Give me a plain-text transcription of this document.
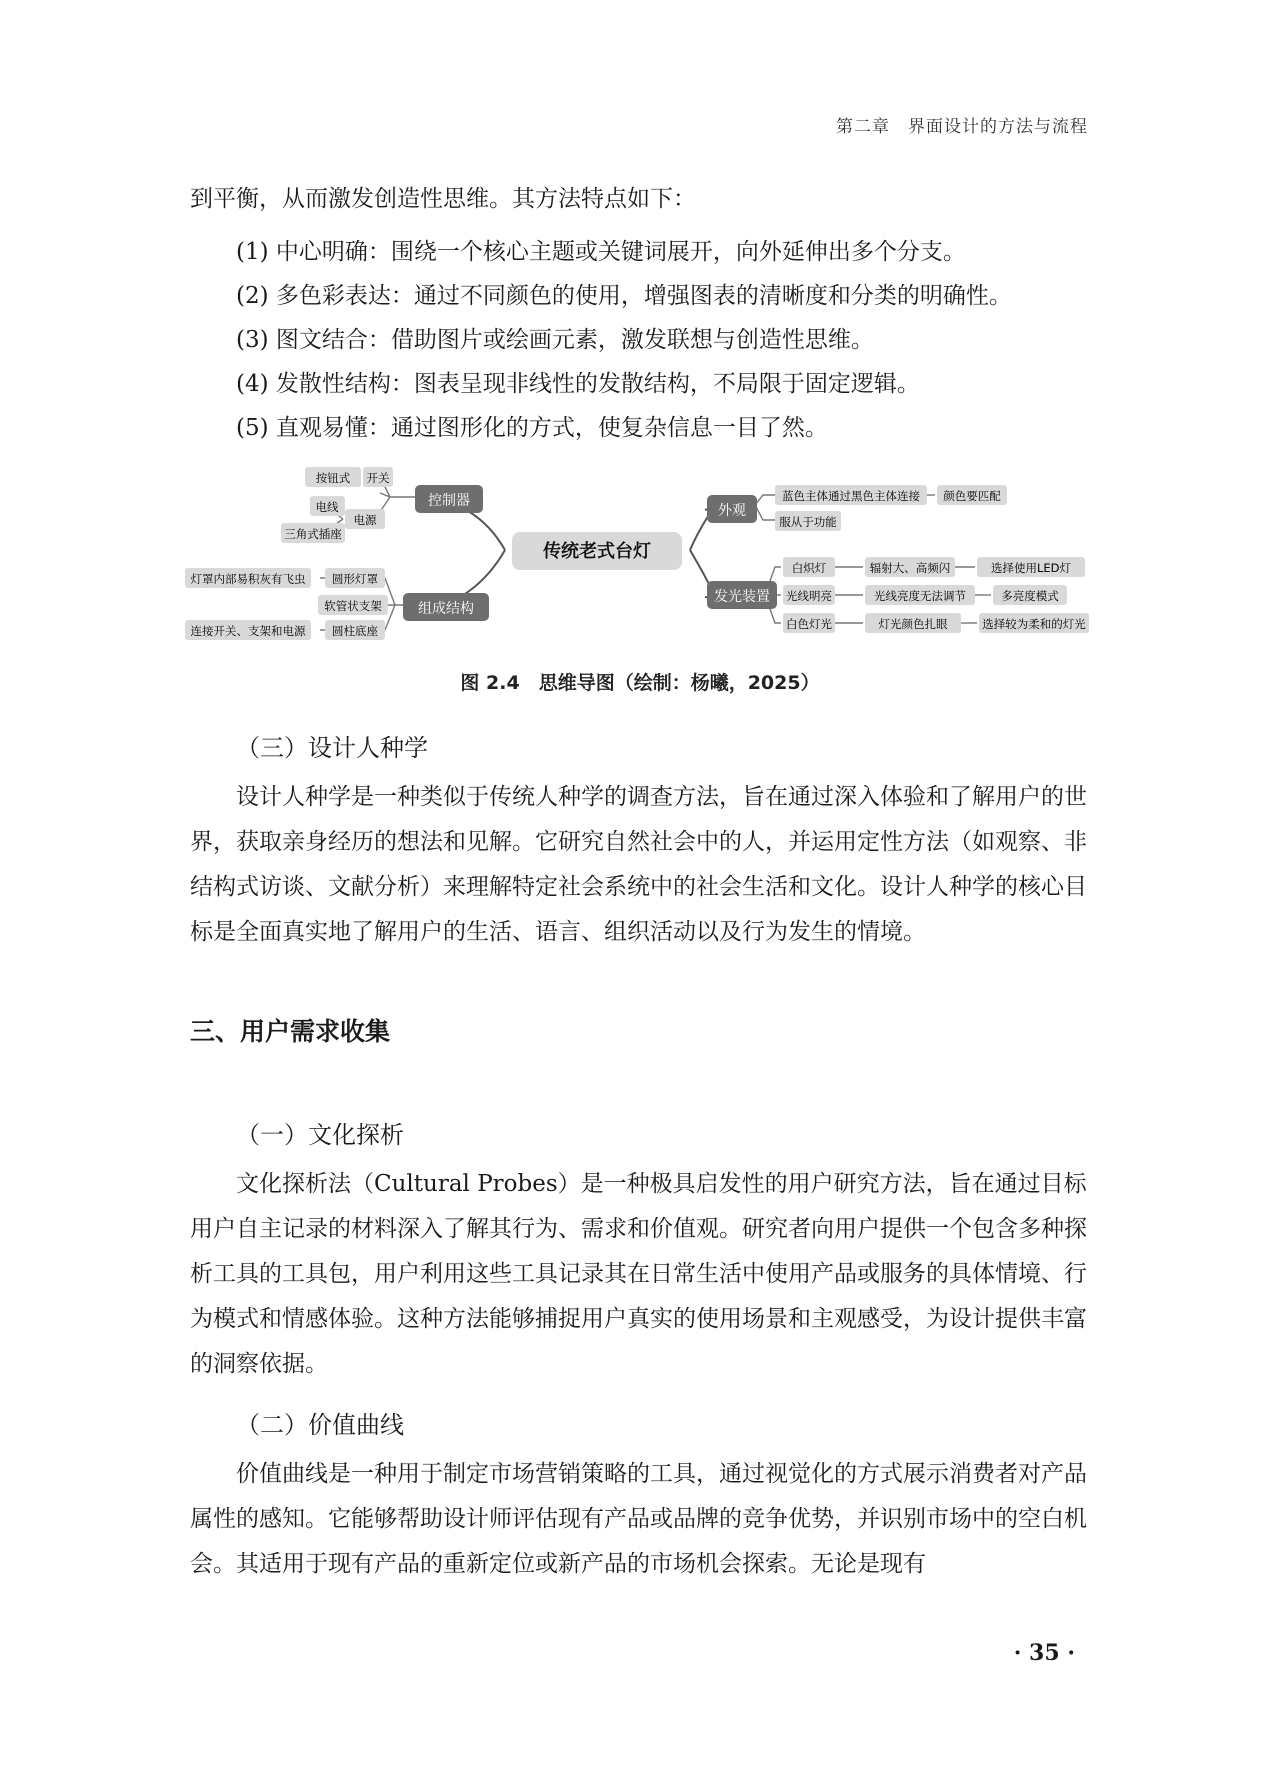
第二章　界面设计的方法与流程

到平衡，从而激发创造性思维。其方法特点如下：

(1) 中心明确：围绕一个核心主题或关键词展开，向外延伸出多个分支。

(2) 多色彩表达：通过不同颜色的使用，增强图表的清晰度和分类的明确性。

(3) 图文结合：借助图片或绘画元素，激发联想与创造性思维。

(4) 发散性结构：图表呈现非线性的发散结构，不局限于固定逻辑。

(5) 直观易懂：通过图形化的方式，使复杂信息一目了然。

传统老式台灯
控制器
组成结构
外观
发光装置
按钮式 开关
电线
电源
三角式插座
灯罩内部易积灰有飞虫 圆形灯罩
软管状支架
连接开关、支架和电源 圆柱底座
蓝色主体通过黑色主体连接 颜色要匹配
服从于功能
白炽灯	辐射大、高频闪	选择使用LED灯
光线明亮	光线亮度无法调节	多亮度模式
白色灯光	灯光颜色扎眼	选择较为柔和的灯光

图 2.4　思维导图（绘制：杨曦，2025）

（三）设计人种学

设计人种学是一种类似于传统人种学的调查方法，旨在通过深入体验和了解用户的世界，获取亲身经历的想法和见解。它研究自然社会中的人，并运用定性方法（如观察、非结构式访谈、文献分析）来理解特定社会系统中的社会生活和文化。设计人种学的核心目标是全面真实地了解用户的生活、语言、组织活动以及行为发生的情境。

三、用户需求收集

（一）文化探析

文化探析法（Cultural Probes）是一种极具启发性的用户研究方法，旨在通过目标用户自主记录的材料深入了解其行为、需求和价值观。研究者向用户提供一个包含多种探析工具的工具包，用户利用这些工具记录其在日常生活中使用产品或服务的具体情境、行为模式和情感体验。这种方法能够捕捉用户真实的使用场景和主观感受，为设计提供丰富的洞察依据。

（二）价值曲线

价值曲线是一种用于制定市场营销策略的工具，通过视觉化的方式展示消费者对产品属性的感知。它能够帮助设计师评估现有产品或品牌的竞争优势，并识别市场中的空白机会。其适用于现有产品的重新定位或新产品的市场机会探索。无论是现有

· 35 ·
